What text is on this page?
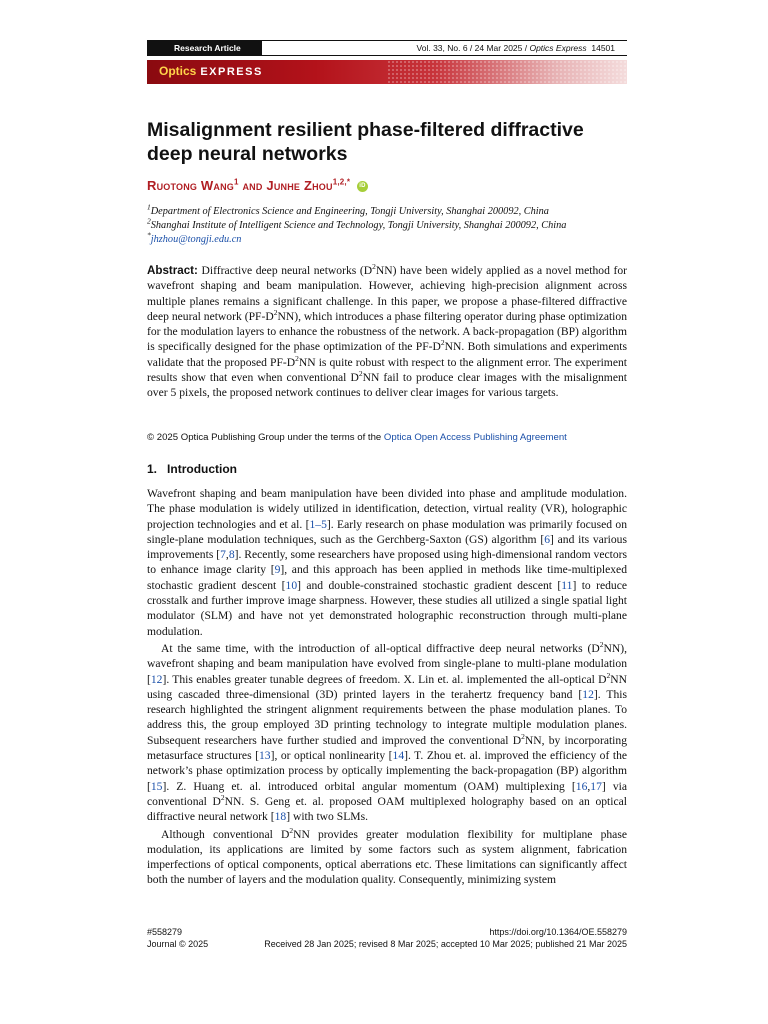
Research Article	Vol. 33, No. 6 / 24 Mar 2025 / Optics Express 14501
Optics EXPRESS
Misalignment resilient phase-filtered diffractive deep neural networks
Ruotong Wang$^1$ and Junhe Zhou$^{1,2,*}$ iD
$^1$Department of Electronics Science and Engineering, Tongji University, Shanghai 200092, China
$^2$Shanghai Institute of Intelligent Science and Technology, Tongji University, Shanghai 200092, China
*jhzhou@tongji.edu.cn
Abstract: Diffractive deep neural networks $(D^2NN)$ have been widely applied as a novel method for wavefront shaping and beam manipulation. However, achieving high-precision alignment across multiple planes remains a significant challenge. In this paper, we propose a phase-filtered diffractive deep neural network $(PF-D^2NN)$, which introduces a phase filtering operator during phase optimization for the modulation layers to enhance the robustness of the network. A back-propagation (BP) algorithm is specifically designed for the phase optimization of the $PF-D^2NN$. Both simulations and experiments validate that the proposed $PF-D^2NN$ is quite robust with respect to the alignment error. The experiment results show that even when conventional $D^2NN$ fail to produce clear images with the misalignment over 5 pixels, the proposed network continues to deliver clear images for various targets.
© 2025 Optica Publishing Group under the terms of the Optica Open Access Publishing Agreement
1. Introduction

Wavefront shaping and beam manipulation have been divided into phase and amplitude modulation. The phase modulation is widely utilized in identification, detection, virtual reality (VR), holographic projection technologies and et al. [1–5]. Early research on phase modulation was primarily focused on single-plane modulation techniques, such as the Gerchberg-Saxton (GS) algorithm [6] and its various improvements [7,8]. Recently, some researchers have proposed using high-dimensional random vectors to enhance image clarity [9], and this approach has been applied in methods like time-multiplexed stochastic gradient descent [10] and double-constrained stochastic gradient descent [11] to reduce crosstalk and further improve image sharpness. However, these studies all utilized a single spatial light modulator (SLM) and have not yet demonstrated holographic reconstruction through multi-plane modulation.

At the same time, with the introduction of all-optical diffractive deep neural networks $(D^2NN)$, wavefront shaping and beam manipulation have evolved from single-plane to multi-plane modulation [12]. This enables greater tunable degrees of freedom. X. Lin et. al. implemented the all-optical $D^2NN$ using cascaded three-dimensional (3D) printed layers in the terahertz frequency band [12]. This research highlighted the stringent alignment requirements between the phase modulation planes. To address this, the group employed 3D printing technology to integrate multiple modulation planes. Subsequent researchers have further studied and improved the conventional $D^2NN$, by incorporating metasurface structures [13], or optical nonlinearity [14]. T. Zhou et. al. improved the efficiency of the network’s phase optimization process by optically implementing the back-propagation (BP) algorithm [15]. Z. Huang et. al. introduced orbital angular momentum (OAM) multiplexing [16,17] via conventional $D^2NN$. S. Geng et. al. proposed OAM multiplexed holography based on an optical diffractive neural network [18] with two SLMs.

Although conventional $D^2NN$ provides greater modulation flexibility for multiplane phase modulation, its applications are limited by some factors such as system alignment, fabrication imperfections of optical components, optical aberrations etc. These limitations can significantly affect both the number of layers and the modulation quality. Consequently, minimizing system

#558279	https://doi.org/10.1364/OE.558279
Journal © 2025	Received 28 Jan 2025; revised 8 Mar 2025; accepted 10 Mar 2025; published 21 Mar 2025
